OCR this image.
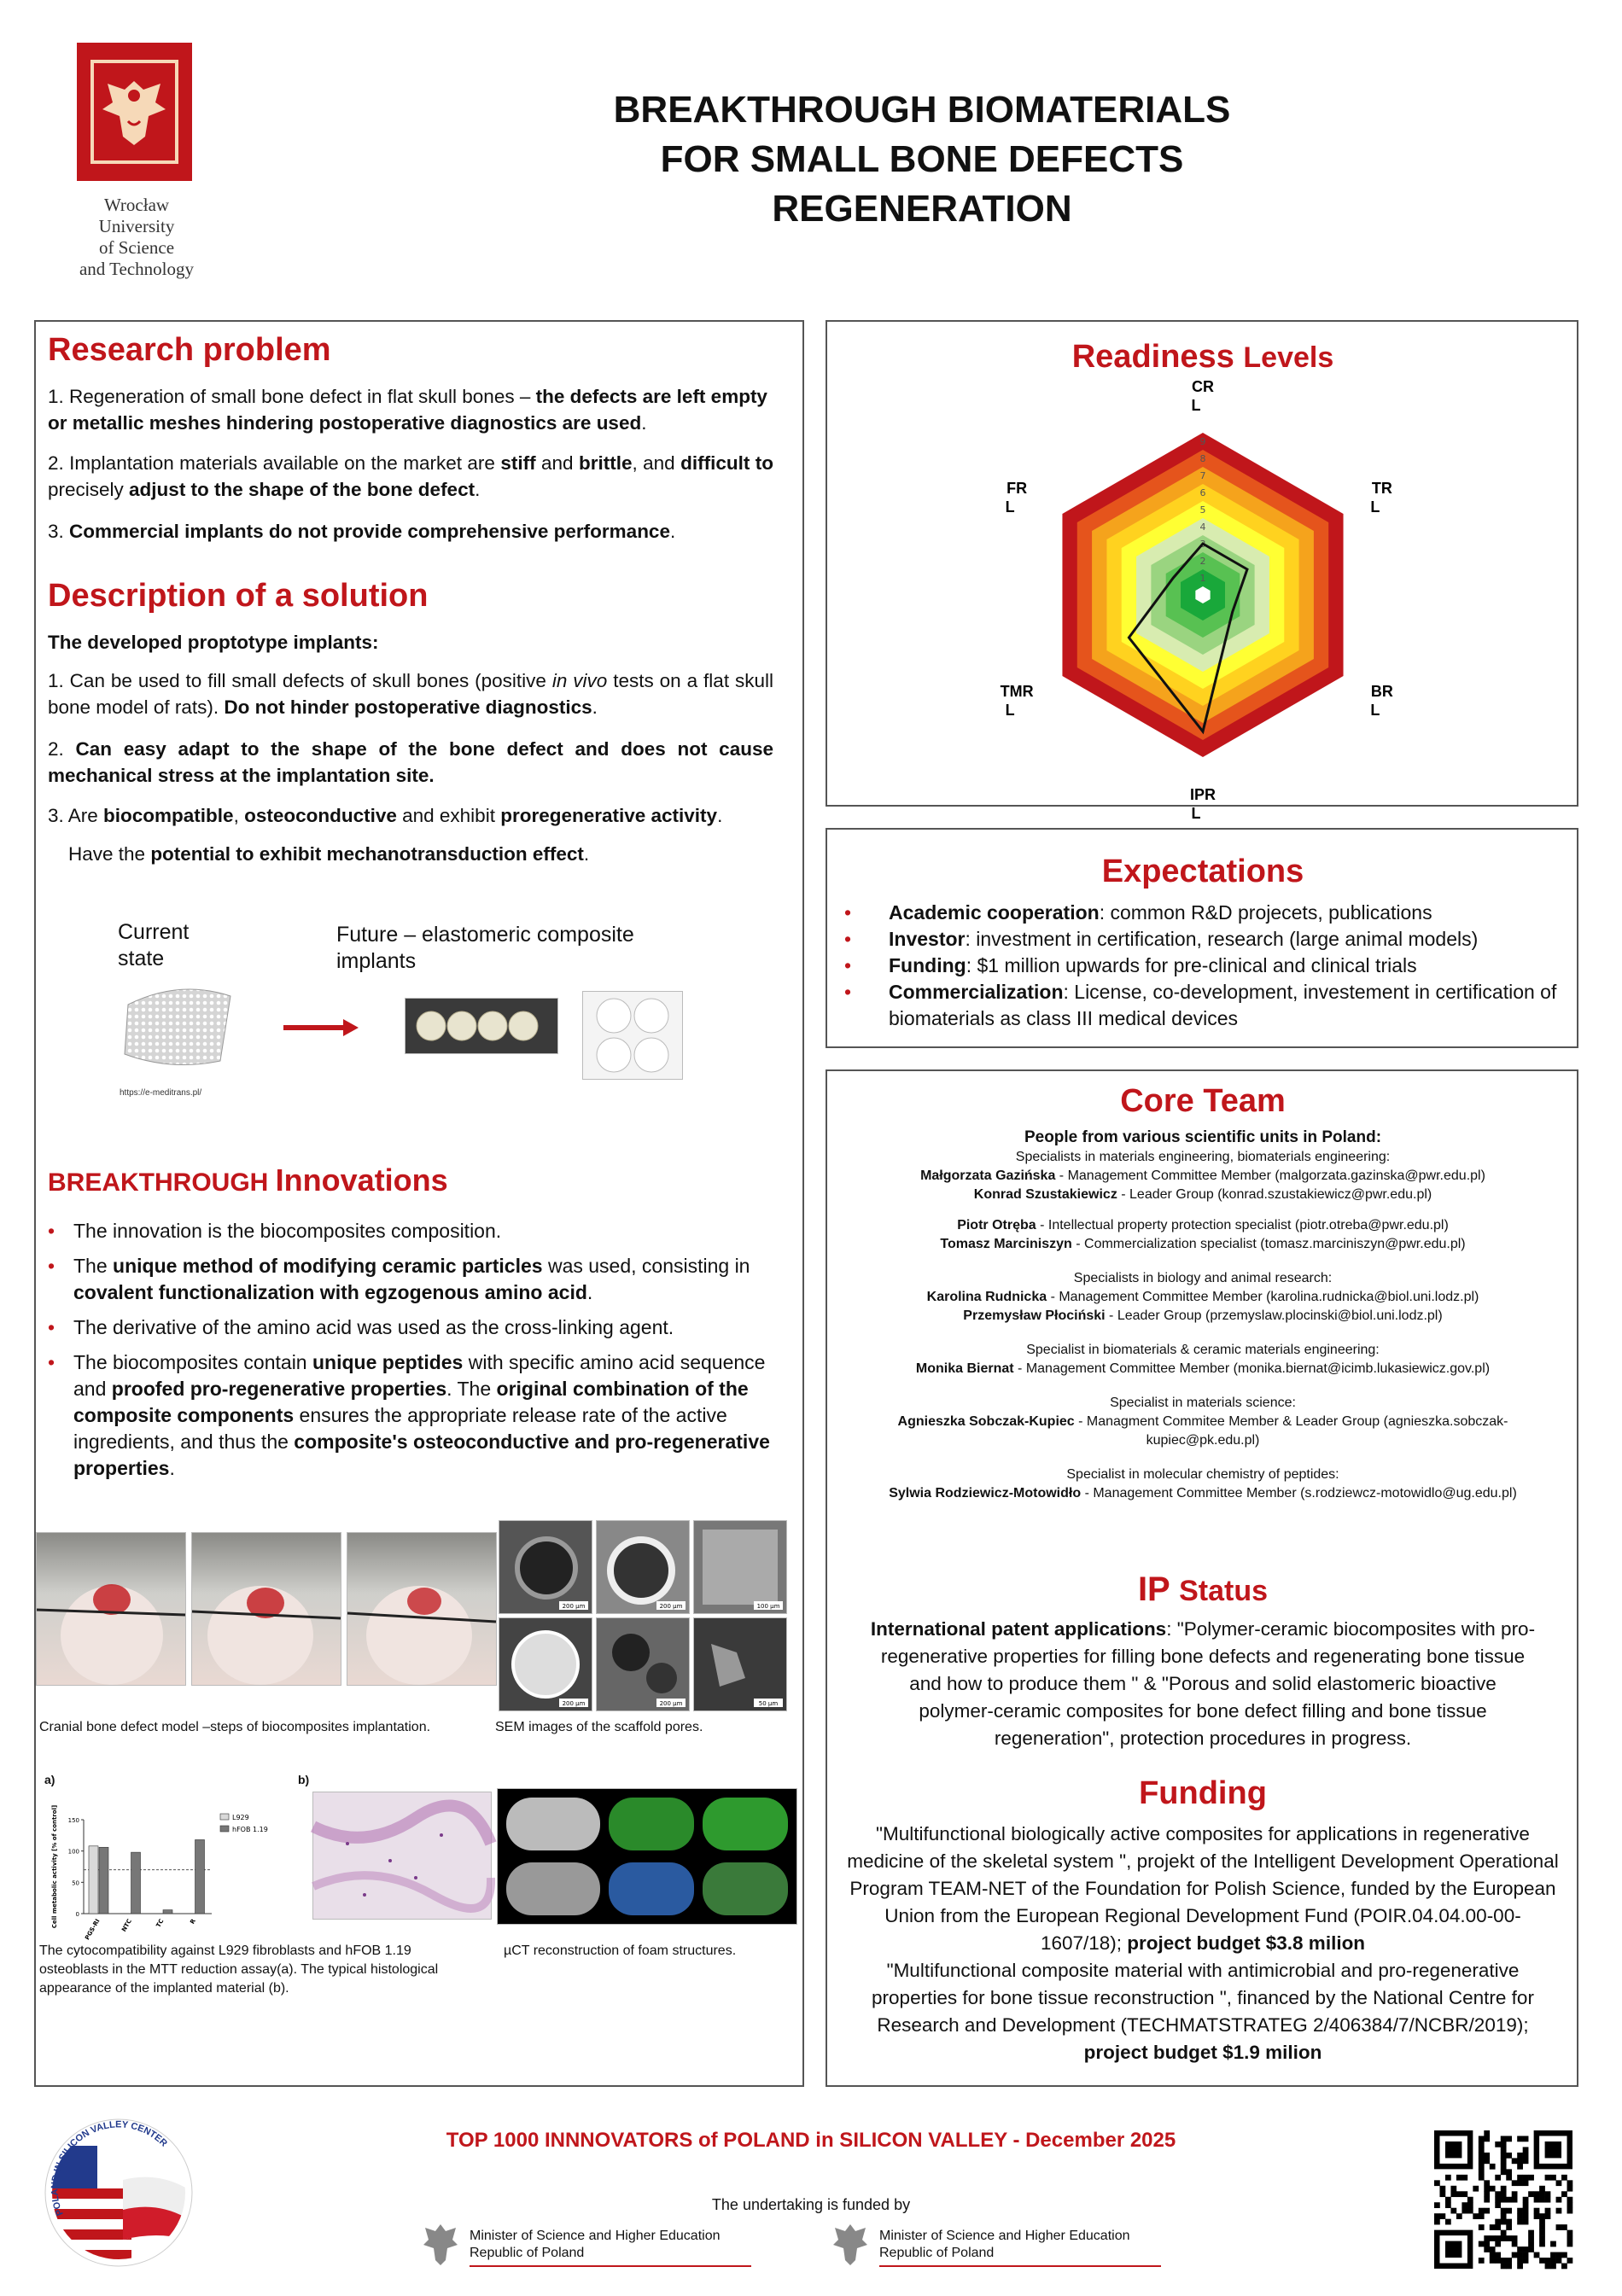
Wrocław
University
of Science
and Technology
BREAKTHROUGH BIOMATERIALS
FOR SMALL BONE DEFECTS
REGENERATION
Research problem
1. Regeneration of small bone defect in flat skull bones – the defects are left empty or metallic meshes hindering postoperative diagnostics are used.
2. Implantation materials available on the market are stiff and brittle, and difficult to precisely adjust to the shape of the bone defect.
3. Commercial implants do not provide comprehensive performance.
Description of a solution
The developed proptotype implants:
1. Can be used to fill small defects of skull bones (positive in vivo tests on a flat skull bone model of rats). Do not hinder postoperative diagnostics.
2. Can easy adapt to the shape of the bone defect and does not cause mechanical stress at the implantation site.
3. Are biocompatible, osteoconductive and exhibit proregenerative activity.
Have the potential to exhibit mechanotransduction effect.
Current state
Future – elastomeric composite implants
https://e-meditrans.pl/
BREAKTHROUGH Innovations
• The innovation is the biocomposites composition.
• The unique method of modifying ceramic particles was used, consisting in covalent functionalization with egzogenous amino acid.
• The derivative of the amino acid was used as the cross-linking agent.
• The biocomposites contain unique peptides with specific amino acid sequence and proofed pro-regenerative properties. The original combination of the composite components ensures the appropriate release rate of the active ingredients, and thus the composite's osteoconductive and pro-regenerative properties.
200 µm	200 µm	100 µm
200 µm	200 µm	50 µm
Cranial bone defect model –steps of biocomposites implantation.	SEM images of the scaffold pores.
a)	b)
0
50
100
150
Cell metabolic activity [% of control]
PGS-RI	NTC	TC	R
L929
hFOB 1.19
The cytocompatibility against L929 fibroblasts and hFOB 1.19 osteoblasts in the MTT reduction assay(a). The typical histological appearance of the implanted material (b).
µCT reconstruction of foam structures.
Readiness Levels
1
2
3
4
5
6
7
8
9
CR L
TR L
BR L
IPR L
TMR L
FR L
Expectations
• Academic cooperation: common R&D projecets, publications
• Investor: investment in certification, research (large animal models)
• Funding: $1 million upwards for pre-clinical and clinical trials
• Commercialization: License, co-development, investement in certification of biomaterials as class III medical devices
Core Team
People from various scientific units in Poland:
Specialists in materials engineering, biomaterials engineering:
Małgorzata Gazińska - Management Committee Member (malgorzata.gazinska@pwr.edu.pl)
Konrad Szustakiewicz - Leader Group (konrad.szustakiewicz@pwr.edu.pl)
Piotr Otręba - Intellectual property protection specialist (piotr.otreba@pwr.edu.pl)
Tomasz Marciniszyn - Commercialization specialist (tomasz.marciniszyn@pwr.edu.pl)
Specialists in biology and animal research:
Karolina Rudnicka - Management Committee Member (karolina.rudnicka@biol.uni.lodz.pl)
Przemysław Płociński - Leader Group (przemyslaw.plocinski@biol.uni.lodz.pl)
Specialist in biomaterials & ceramic materials engineering:
Monika Biernat - Management Committee Member (monika.biernat@icimb.lukasiewicz.gov.pl)
Specialist in materials science:
Agnieszka Sobczak-Kupiec - Managment Commitee Member & Leader Group (agnieszka.sobczak-kupiec@pk.edu.pl)
Specialist in molecular chemistry of peptides:
Sylwia Rodziewicz-Motowidło - Management Committee Member (s.rodziewcz-motowidlo@ug.edu.pl)
IP Status
International patent applications: "Polymer-ceramic biocomposites with pro-regenerative properties for filling bone defects and regenerating bone tissue and how to produce them " & "Porous and solid elastomeric bioactive polymer-ceramic composites for bone defect filling and bone tissue regeneration", protection procedures in progress.
Funding
"Multifunctional biologically active composites for applications in regenerative medicine of the skeletal system ", projekt of the Intelligent Development Operational Program TEAM-NET of the Foundation for Polish Science, funded by the European Union from the European Regional Development Fund (POIR.04.04.00-00-1607/18); project budget $3.8 milion
"Multifunctional composite material with antimicrobial and pro-regenerative properties for bone tissue reconstruction ", financed by the National Centre for Research and Development (TECHMATSTRATEG 2/406384/7/NCBR/2019); project budget $1.9 milion
POLAND IN SILICON VALLEY CENTER	TOP 1000 INNNOVATORS of POLAND in SILICON VALLEY - December 2025
The undertaking is funded by
Minister of Science and Higher Education
Republic of Poland
Minister of Science and Higher Education
Republic of Poland
